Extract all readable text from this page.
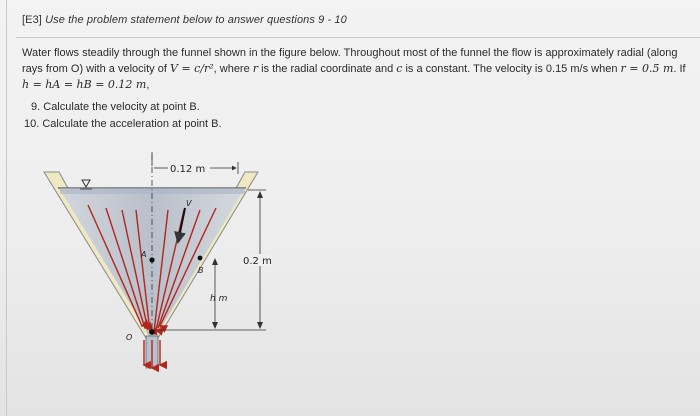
[E3] Use the problem statement below to answer questions 9 - 10
Water flows steadily through the funnel shown in the figure below. Throughout most of the funnel the flow is approximately radial (along rays from O) with a velocity of V = c/r², where r is the radial coordinate and c is a constant. The velocity is 0.15 m/s when r = 0.5 m. If
h = hA = hB = 0.12 m,
9. Calculate the velocity at point B.
10. Calculate the acceleration at point B.
V
A
B
O
0.12 m
h m
0.2 m
